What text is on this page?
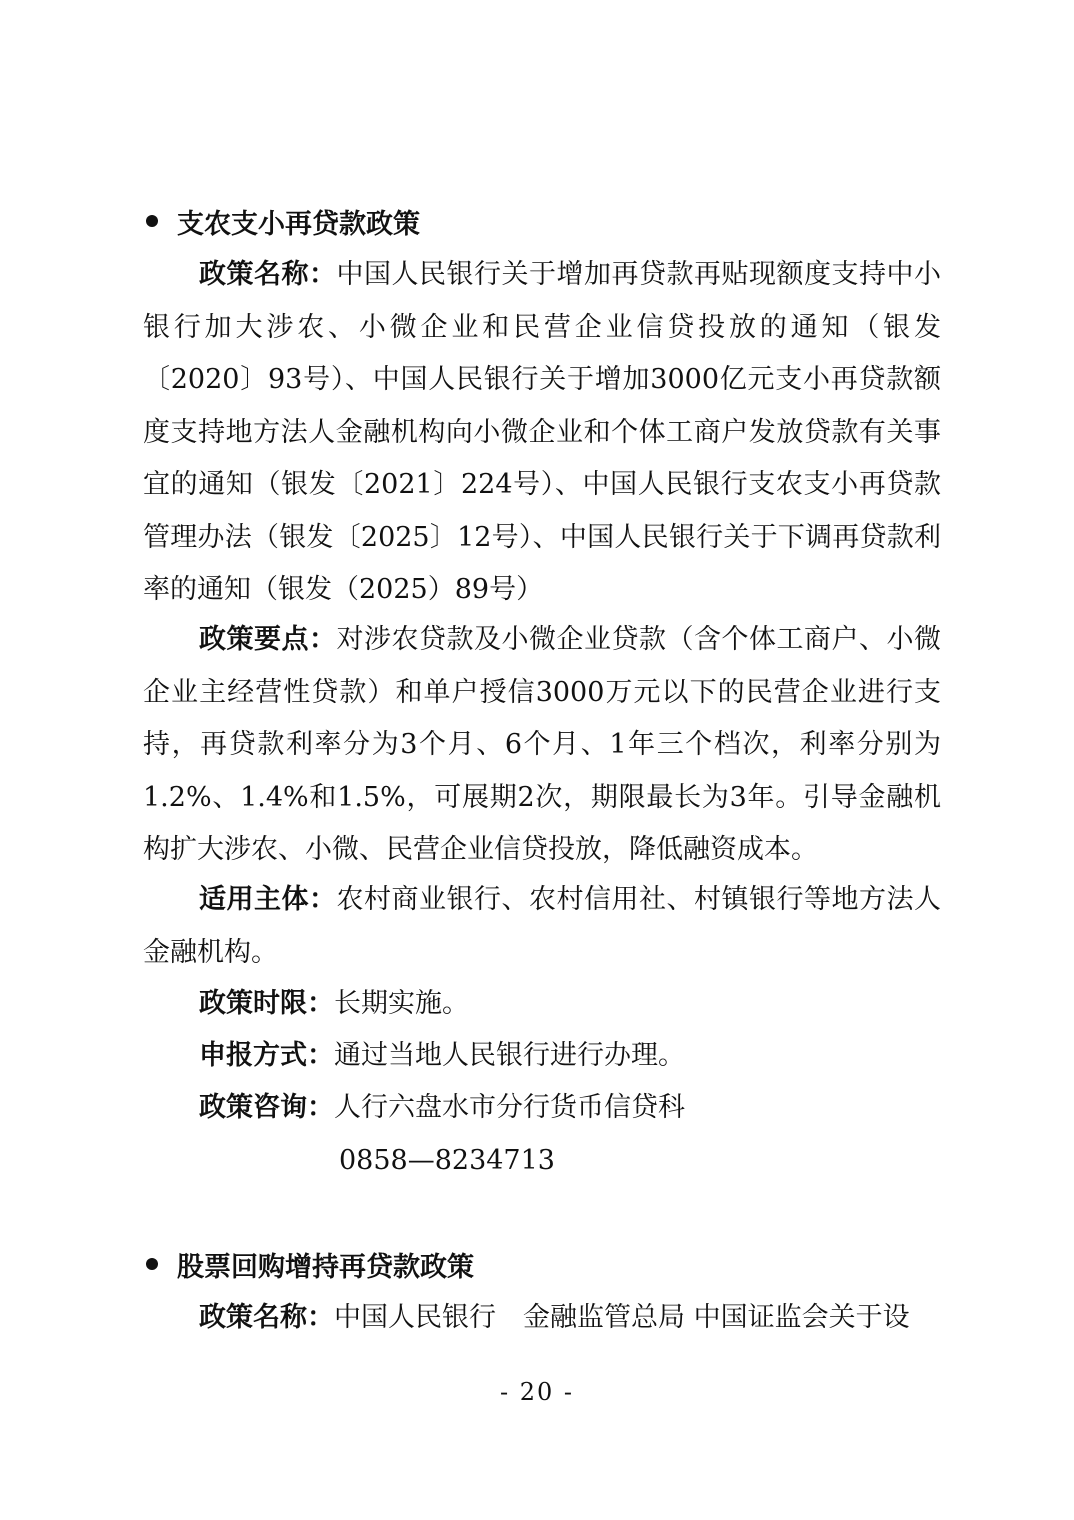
支农支小再贷款政策

政策名称：中国人民银行关于增加再贷款再贴现额度支持中小银行加大涉农、小微企业和民营企业信贷投放的通知（银发〔2020〕93号）、中国人民银行关于增加3000亿元支小再贷款额度支持地方法人金融机构向小微企业和个体工商户发放贷款有关事宜的通知（银发〔2021〕224号）、中国人民银行支农支小再贷款管理办法（银发〔2025〕12号）、中国人民银行关于下调再贷款利率的通知（银发（2025）89号）

政策要点：对涉农贷款及小微企业贷款（含个体工商户、小微企业主经营性贷款）和单户授信3000万元以下的民营企业进行支持，再贷款利率分为3个月、6个月、1年三个档次，利率分别为1.2%、1.4%和1.5%，可展期2次，期限最长为3年。引导金融机构扩大涉农、小微、民营企业信贷投放，降低融资成本。

适用主体：农村商业银行、农村信用社、村镇银行等地方法人金融机构。

政策时限：长期实施。

申报方式：通过当地人民银行进行办理。

政策咨询：人行六盘水市分行货币信贷科

0858—8234713
股票回购增持再贷款政策

政策名称：中国人民银行　金融监管总局 中国证监会关于设

- 20 -
